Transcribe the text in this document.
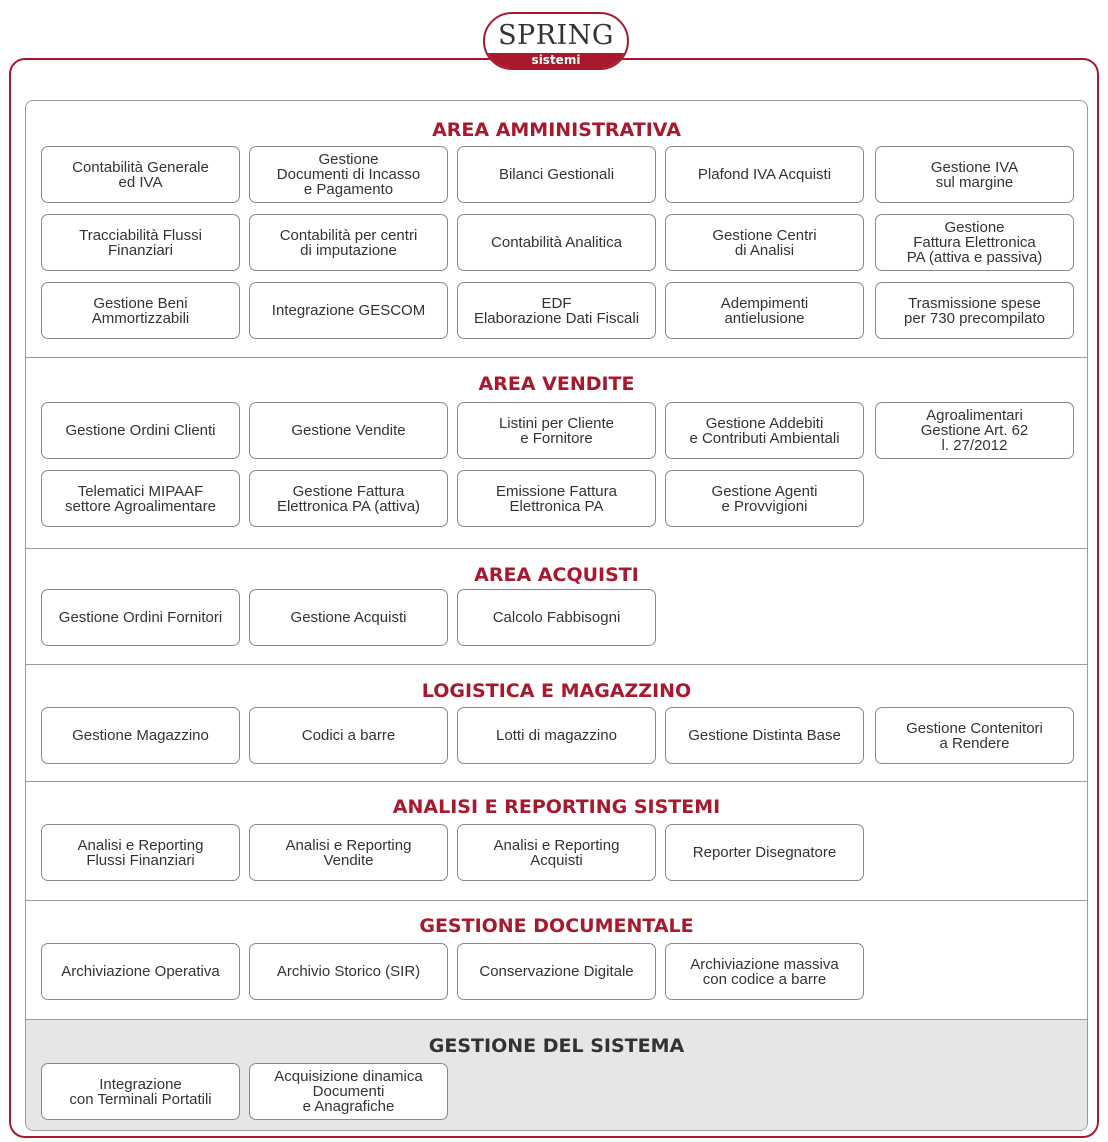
SPRING
sistemi
AREA AMMINISTRATIVA
Contabilità Generale
ed IVA
Gestione
Documenti di Incasso
e Pagamento
Bilanci Gestionali	Plafond IVA Acquisti	Gestione IVA
sul margine
Tracciabilità Flussi
Finanziari
Contabilità per centri
di imputazione	Contabilità Analitica	Gestione Centri
di Analisi
Gestione
Fattura Elettronica
PA (attiva e passiva)
Gestione Beni
Ammortizzabili	Integrazione GESCOM	EDF
Elaborazione Dati Fiscali
Adempimenti
antielusione
Trasmissione spese
per 730 precompilato
AREA VENDITE
Gestione Ordini Clienti	Gestione Vendite	Listini per Cliente
e Fornitore
Gestione Addebiti
e Contributi Ambientali
Agroalimentari
Gestione Art. 62
l. 27/2012
Telematici MIPAAF
settore Agroalimentare
Gestione Fattura
Elettronica PA (attiva)
Emissione Fattura
Elettronica PA
Gestione Agenti
e Provvigioni
AREA ACQUISTI
Gestione Ordini Fornitori	Gestione Acquisti	Calcolo Fabbisogni
LOGISTICA E MAGAZZINO
Gestione Magazzino	Codici a barre	Lotti di magazzino	Gestione Distinta Base	Gestione Contenitori
a Rendere
ANALISI E REPORTING SISTEMI
Analisi e Reporting
Flussi Finanziari
Analisi e Reporting
Vendite
Analisi e Reporting
Acquisti	Reporter Disegnatore
GESTIONE DOCUMENTALE
Archiviazione Operativa	Archivio Storico (SIR)	Conservazione Digitale	Archiviazione massiva
con codice a barre
GESTIONE DEL SISTEMA
Integrazione
con Terminali Portatili
Acquisizione dinamica
Documenti
e Anagrafiche
